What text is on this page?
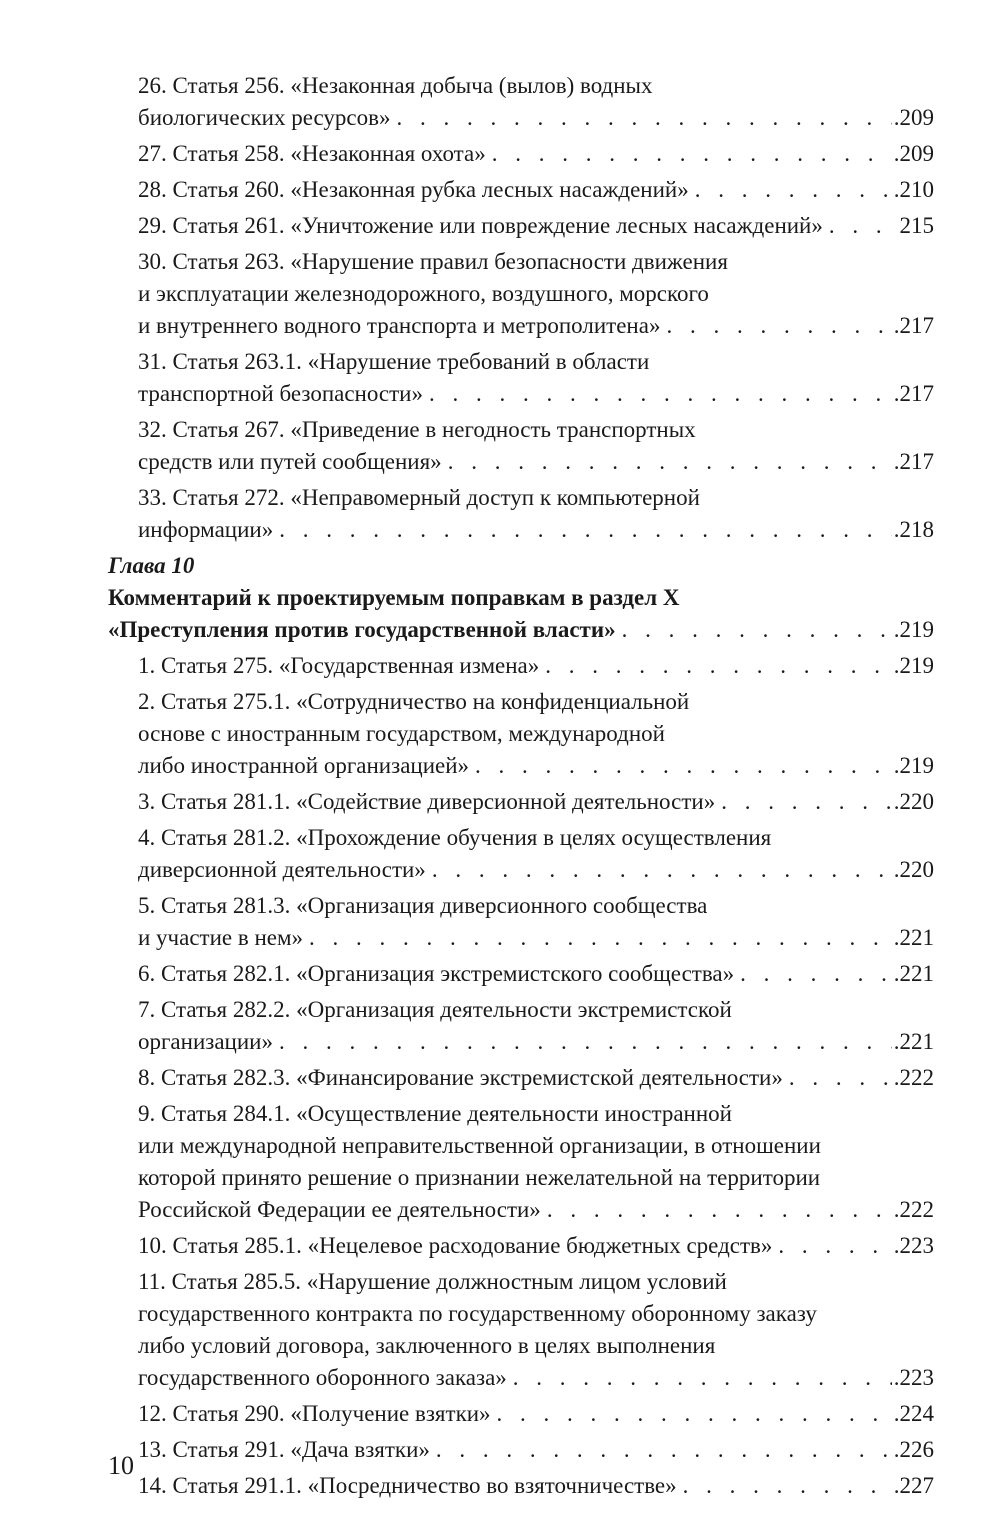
26. Статья 256. «Незаконная добыча (вылов) водных
биологических ресурсов» . . .	.209
27. Статья 258. «Незаконная охота» . . .	.209
28. Статья 260. «Незаконная рубка лесных насаждений» . . .	.210
29. Статья 261. «Уничтожение или повреждение лесных насаждений» . . .	215
30. Статья 263. «Нарушение правил безопасности движения
и эксплуатации железнодорожного, воздушного, морского
и внутреннего водного транспорта и метрополитена» . . .	.217
31. Статья 263.1. «Нарушение требований в области
транспортной безопасности» . . .	.217
32. Статья 267. «Приведение в негодность транспортных
средств или путей сообщения» . . .	.217
33. Статья 272. «Неправомерный доступ к компьютерной
информации» . . .	.218
Глава 10
Комментарий к проектируемым поправкам в раздел X
«Преступления против государственной власти» . . .	.219
1. Статья 275. «Государственная измена» . . .	.219
2. Статья 275.1. «Сотрудничество на конфиденциальной
основе с иностранным государством, международной
либо иностранной организацией» . . .	.219
3. Статья 281.1. «Содействие диверсионной деятельности» . . .	.220
4. Статья 281.2. «Прохождение обучения в целях осуществления
диверсионной деятельности» . . .	.220
5. Статья 281.3. «Организация диверсионного сообщества
и участие в нем» . . .	.221
6. Статья 282.1. «Организация экстремистского сообщества» . . .	.221
7. Статья 282.2. «Организация деятельности экстремистской
организации» . . .	.221
8. Статья 282.3. «Финансирование экстремистской деятельности» . . .	.222
9. Статья 284.1. «Осуществление деятельности иностранной
или международной неправительственной организации, в отношении
которой принято решение о признании нежелательной на территории
Российской Федерации ее деятельности» . . .	.222
10. Статья 285.1. «Нецелевое расходование бюджетных средств» . . .	.223
11. Статья 285.5. «Нарушение должностным лицом условий
государственного контракта по государственному оборонному заказу
либо условий договора, заключенного в целях выполнения
государственного оборонного заказа» . . .	.223
12. Статья 290. «Получение взятки» . . .	.224
13. Статья 291. «Дача взятки» . . .	.226
14. Статья 291.1. «Посредничество во взяточничестве» . . .	.227
10
